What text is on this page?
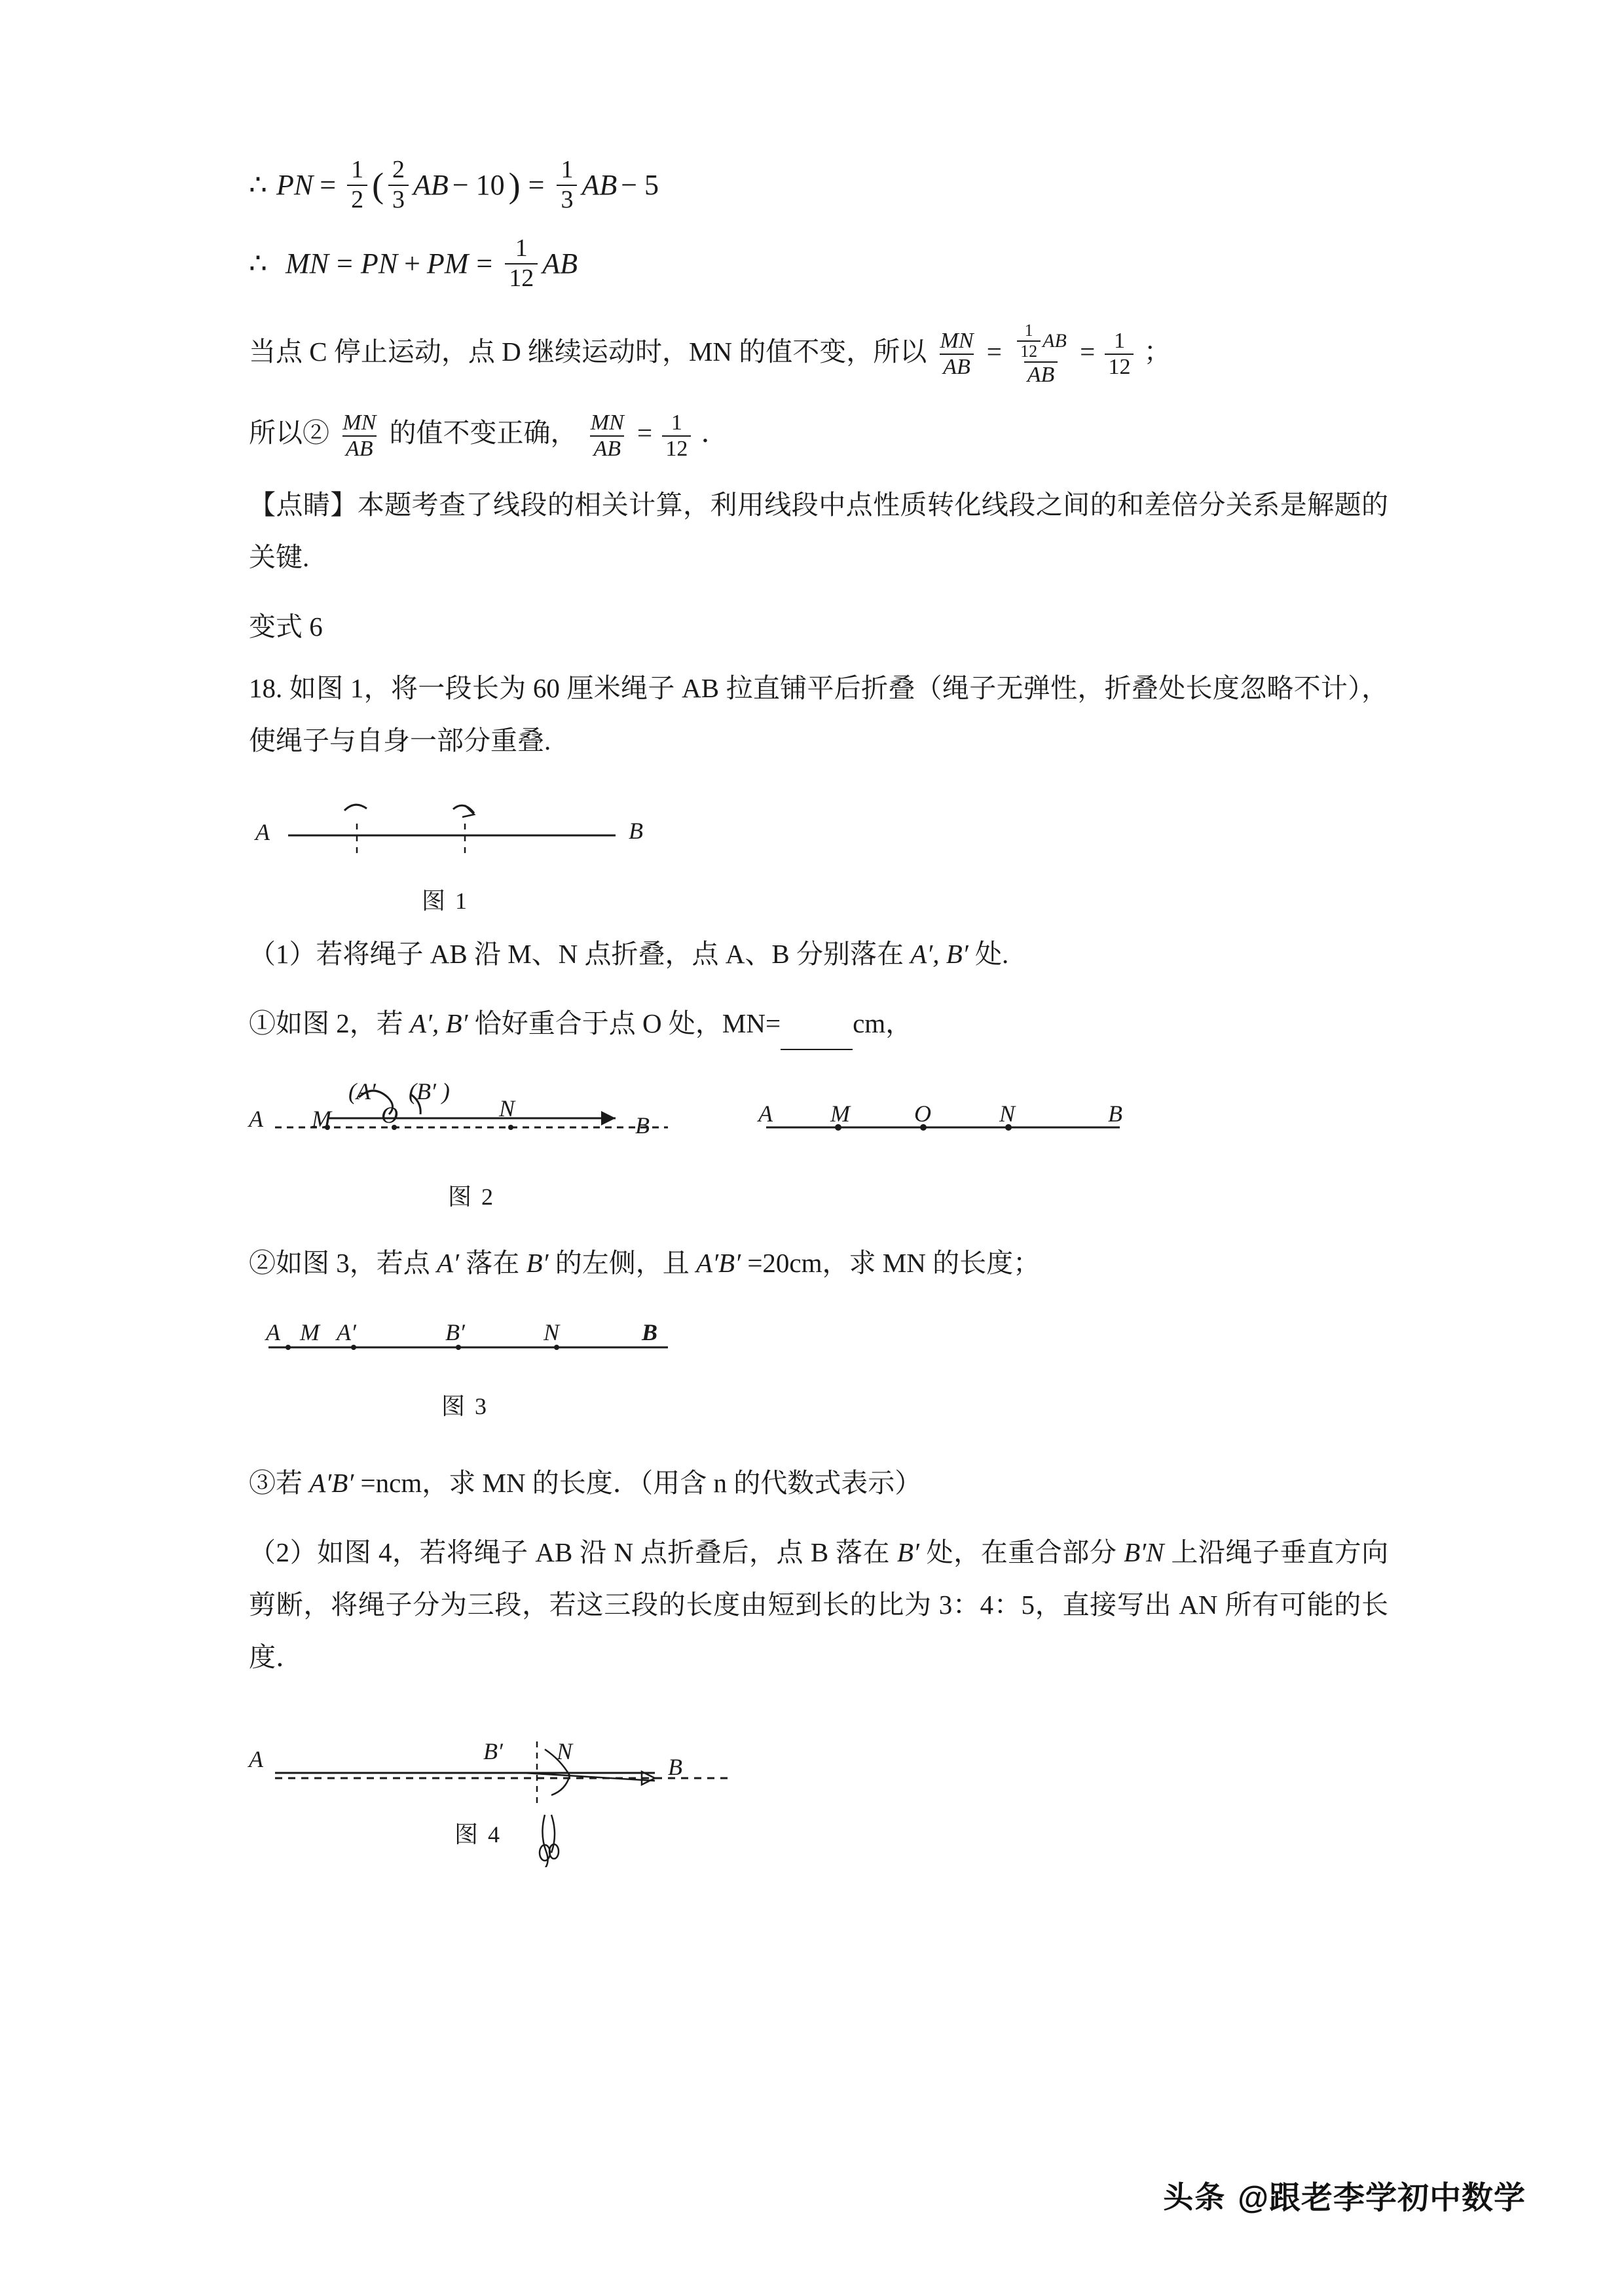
∴ PN = $\frac{1}{2}$ ( $\frac{2}{3}$ AB − 10 ) = $\frac{1}{3}$ AB − 5
∴ MN = PN + PM = $\frac{1}{12}$ AB
当点 C 停止运动，点 D 继续运动时，MN 的值不变，所以 $\frac{MN}{AB} = \frac{\frac{1}{12} AB}{AB} = \frac{1}{12}$ ；
所以② $\frac{MN}{AB}$ 的值不变正确， $\frac{MN}{AB} = \frac{1}{12}$ ．
【点睛】本题考查了线段的相关计算，利用线段中点性质转化线段之间的和差倍分关系是解题的关键.
变式 6
18. 如图 1，将一段长为 60 厘米绳子 AB 拉直铺平后折叠（绳子无弹性，折叠处长度忽略不计），使绳子与自身一部分重叠.
A	B
图 1
（1）若将绳子 AB 沿 M、N 点折叠，点 A、B 分别落在 A′, B′ 处.
①如图 2，若 A′, B′ 恰好重合于点 O 处，MN=	cm，
A M
(A′
O
(B′ )
N
B	A M	O	N	B
图 2
②如图 3，若点 A′ 落在 B′ 的左侧，且 A′B′ =20cm，求 MN 的长度；
A M A′	B′	N	B
图 3
③若 A′B′ =ncm，求 MN 的长度．（用含 n 的代数式表示）
（2）如图 4，若将绳子 AB 沿 N 点折叠后，点 B 落在 B′ 处，在重合部分 B′N 上沿绳子垂直方向剪断，将绳子分为三段，若这三段的长度由短到长的比为 3：4：5，直接写出 AN 所有可能的长度．
A	B′ N
B
图 4
头条 @跟老李学初中数学
